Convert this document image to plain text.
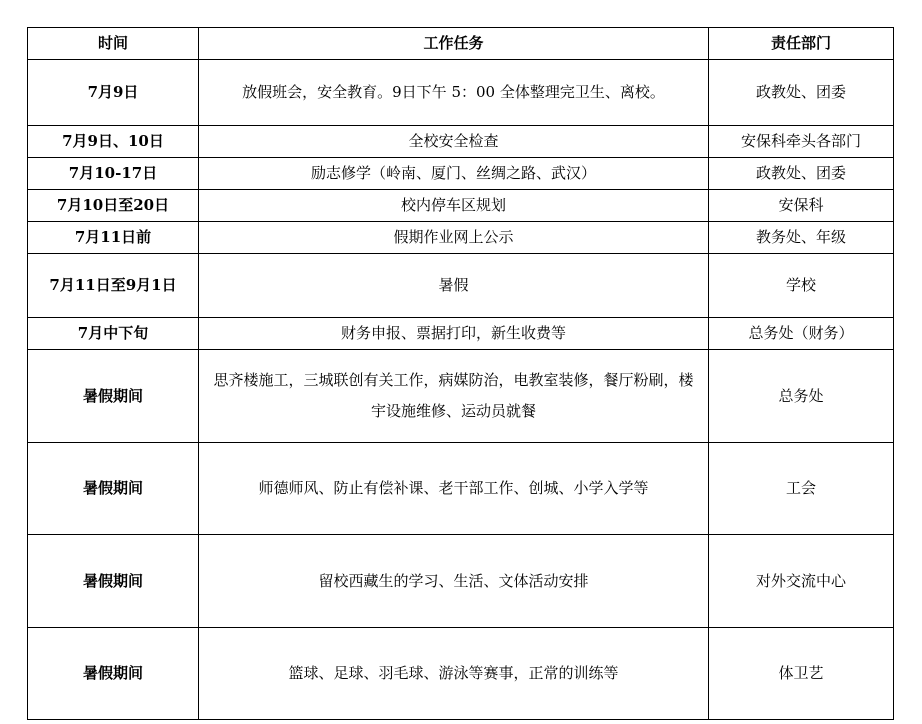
时间	工作任务	责任部门
7月9日	放假班会，安全教育。9日下午 5：00 全体整理完卫生、离校。	政教处、团委
7月9日、10日	全校安全检查	安保科牵头各部门
7月10-17日	励志修学（岭南、厦门、丝绸之路、武汉）	政教处、团委
7月10日至20日	校内停车区规划	安保科
7月11日前	假期作业网上公示	教务处、年级
7月11日至9月1日	暑假	学校
7月中下旬	财务申报、票据打印，新生收费等	总务处（财务）
暑假期间	思齐楼施工，三城联创有关工作，病媒防治，电教室装修，餐厅粉刷，楼宇设施维修、运动员就餐	总务处
暑假期间	师德师风、防止有偿补课、老干部工作、创城、小学入学等	工会
暑假期间	留校西藏生的学习、生活、文体活动安排	对外交流中心
暑假期间	篮球、足球、羽毛球、游泳等赛事，正常的训练等	体卫艺
